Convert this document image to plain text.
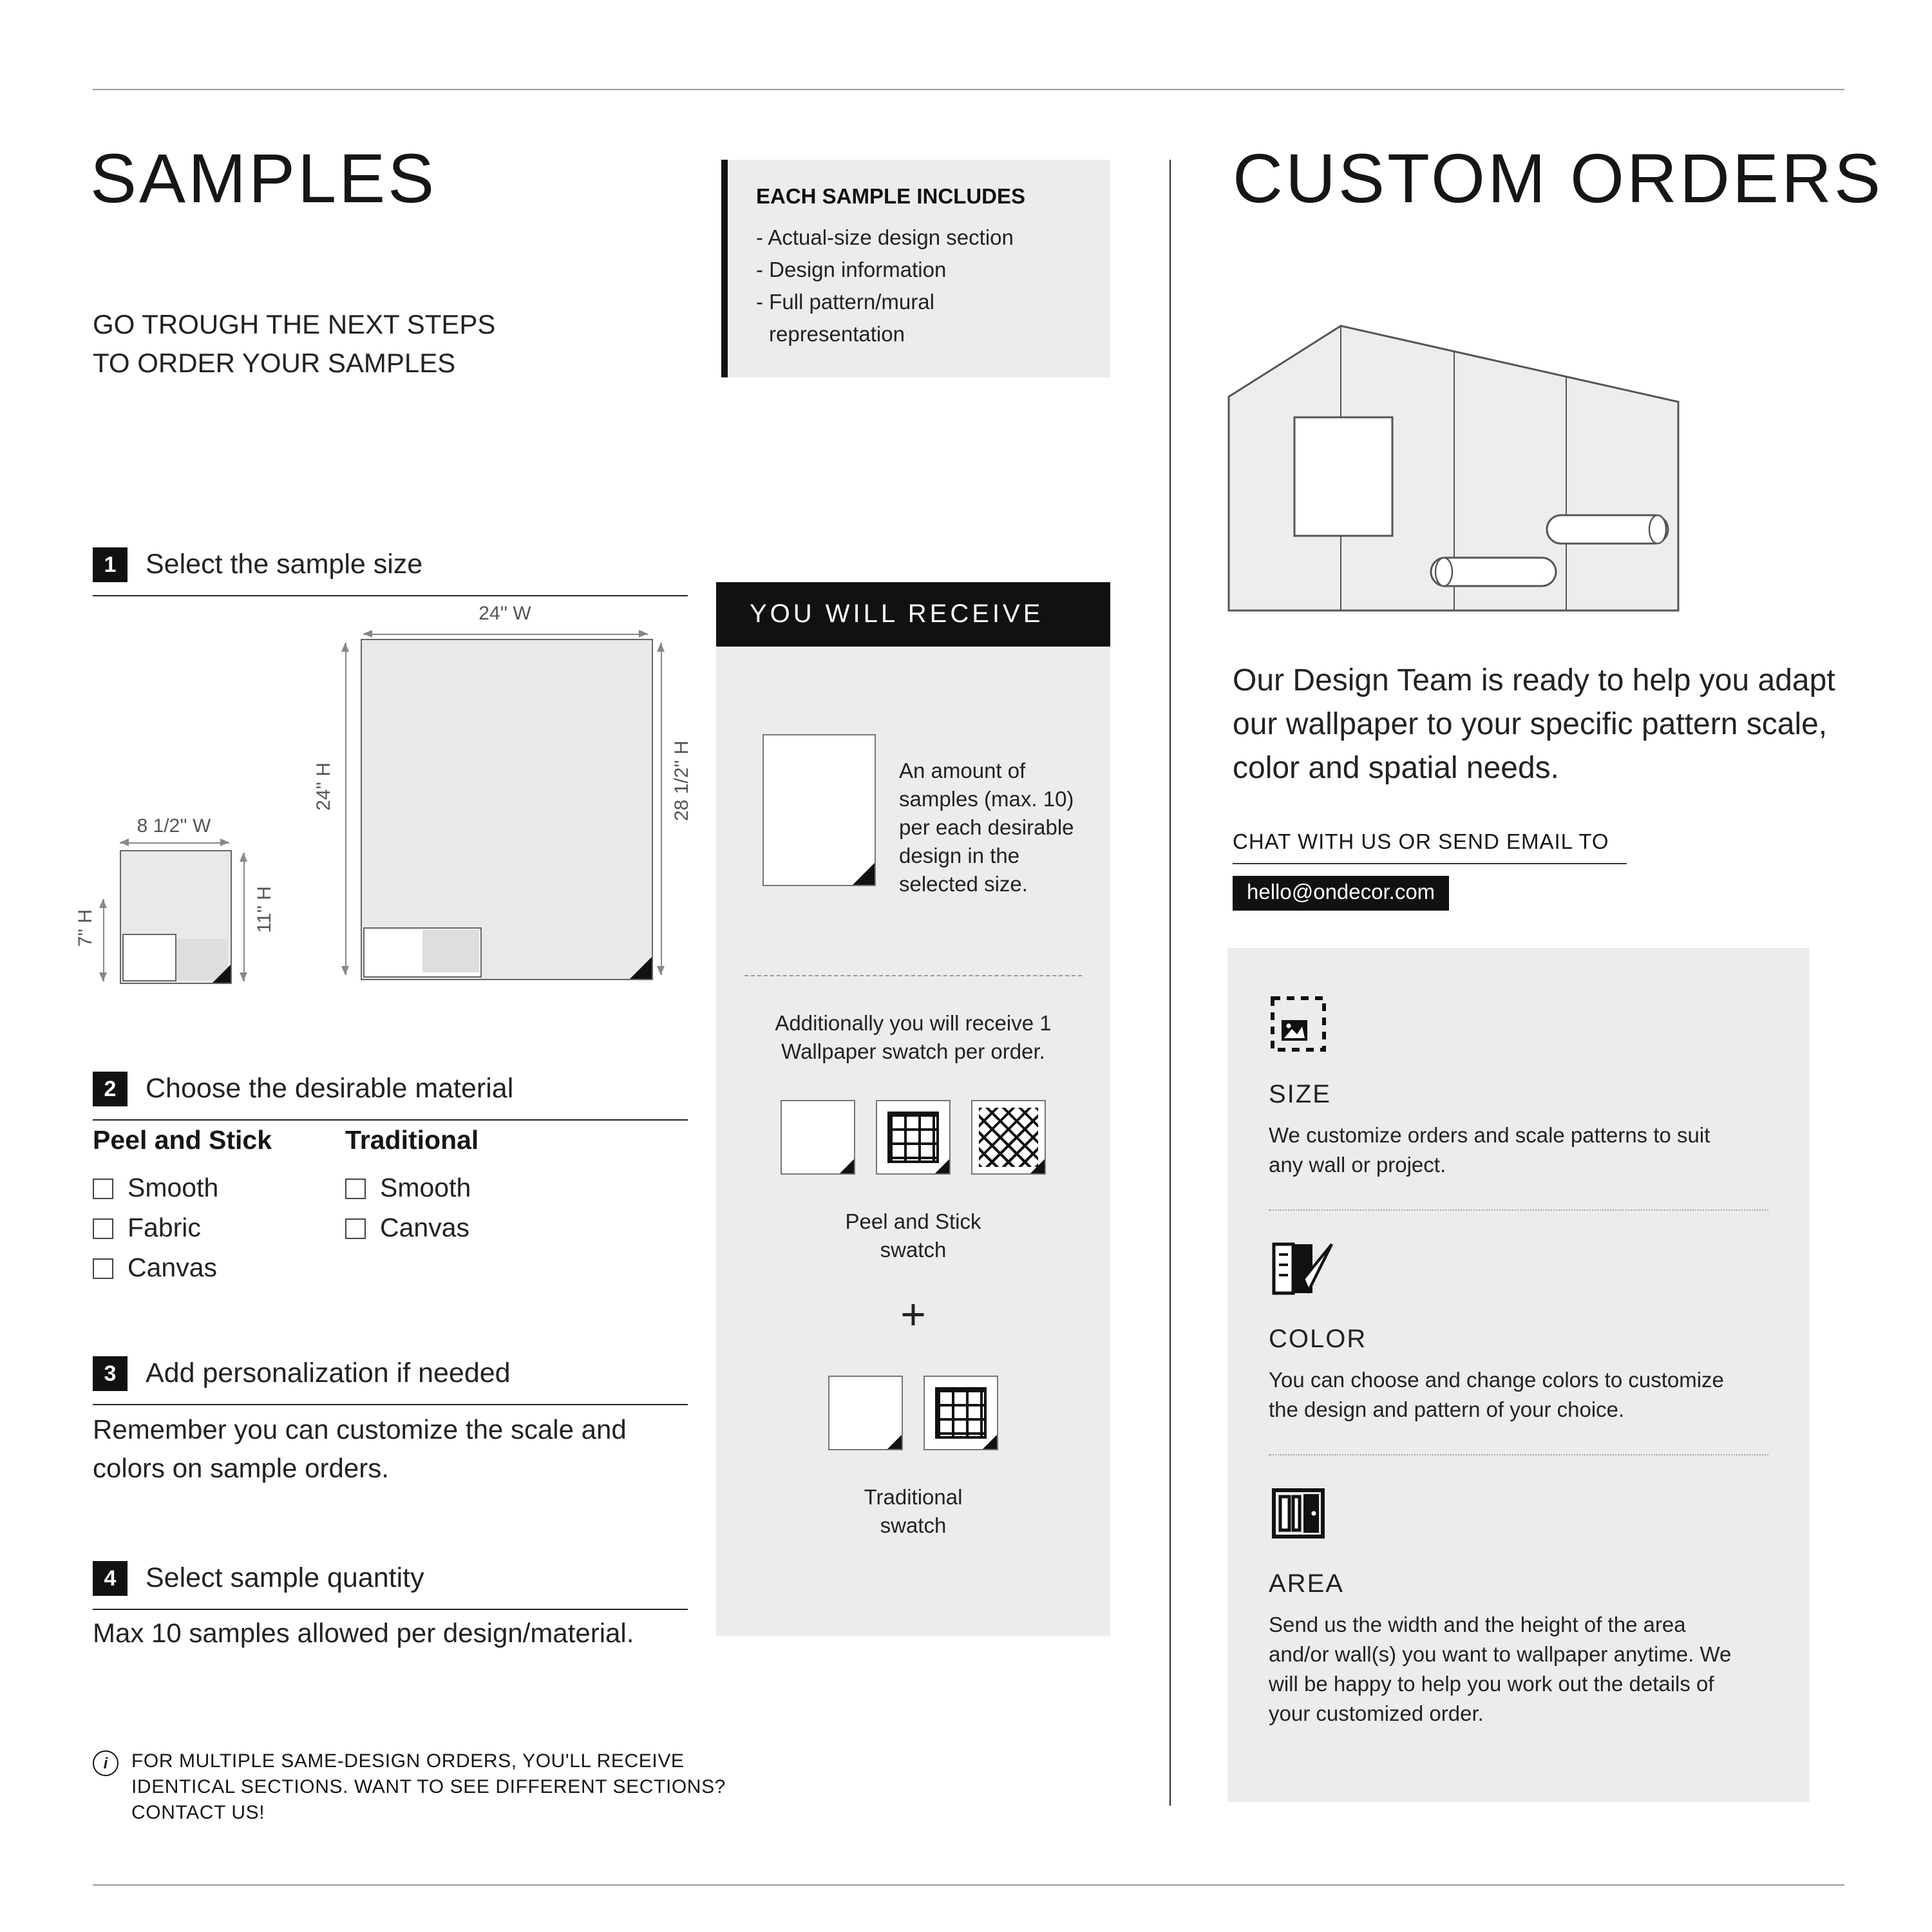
SAMPLES
GO TROUGH THE NEXT STEPS
TO ORDER YOUR SAMPLES
EACH SAMPLE INCLUDES
- Actual-size design section
- Design information
- Full pattern/mural representation
1	Select the sample size
24'' W
24'' H	28 1/2'' H
8 1/2'' W
7'' H	11'' H
2	Choose the desirable material
Peel and Stick
Smooth
Fabric
Canvas
Traditional
Smooth
Canvas
3	Add personalization if needed
Remember you can customize the scale and colors on sample orders.
4	Select sample quantity
Max 10 samples allowed per design/material.
i	FOR MULTIPLE SAME-DESIGN ORDERS, YOU'LL RECEIVE IDENTICAL SECTIONS. WANT TO SEE DIFFERENT SECTIONS? CONTACT US!
YOU WILL RECEIVE
An amount of samples (max. 10) per each desirable design in the selected size.
Additionally you will receive 1 Wallpaper swatch per order.
Peel and Stick swatch
+
Traditional swatch
CUSTOM ORDERS
Our Design Team is ready to help you adapt our wallpaper to your specific pattern scale, color and spatial needs.
CHAT WITH US OR SEND EMAIL TO
hello@ondecor.com
SIZE
We customize orders and scale patterns to suit any wall or project.
COLOR
You can choose and change colors to customize the design and pattern of your choice.
AREA
Send us the width and the height of the area and/or wall(s) you want to wallpaper anytime. We will be happy to help you work out the details of your customized order.
